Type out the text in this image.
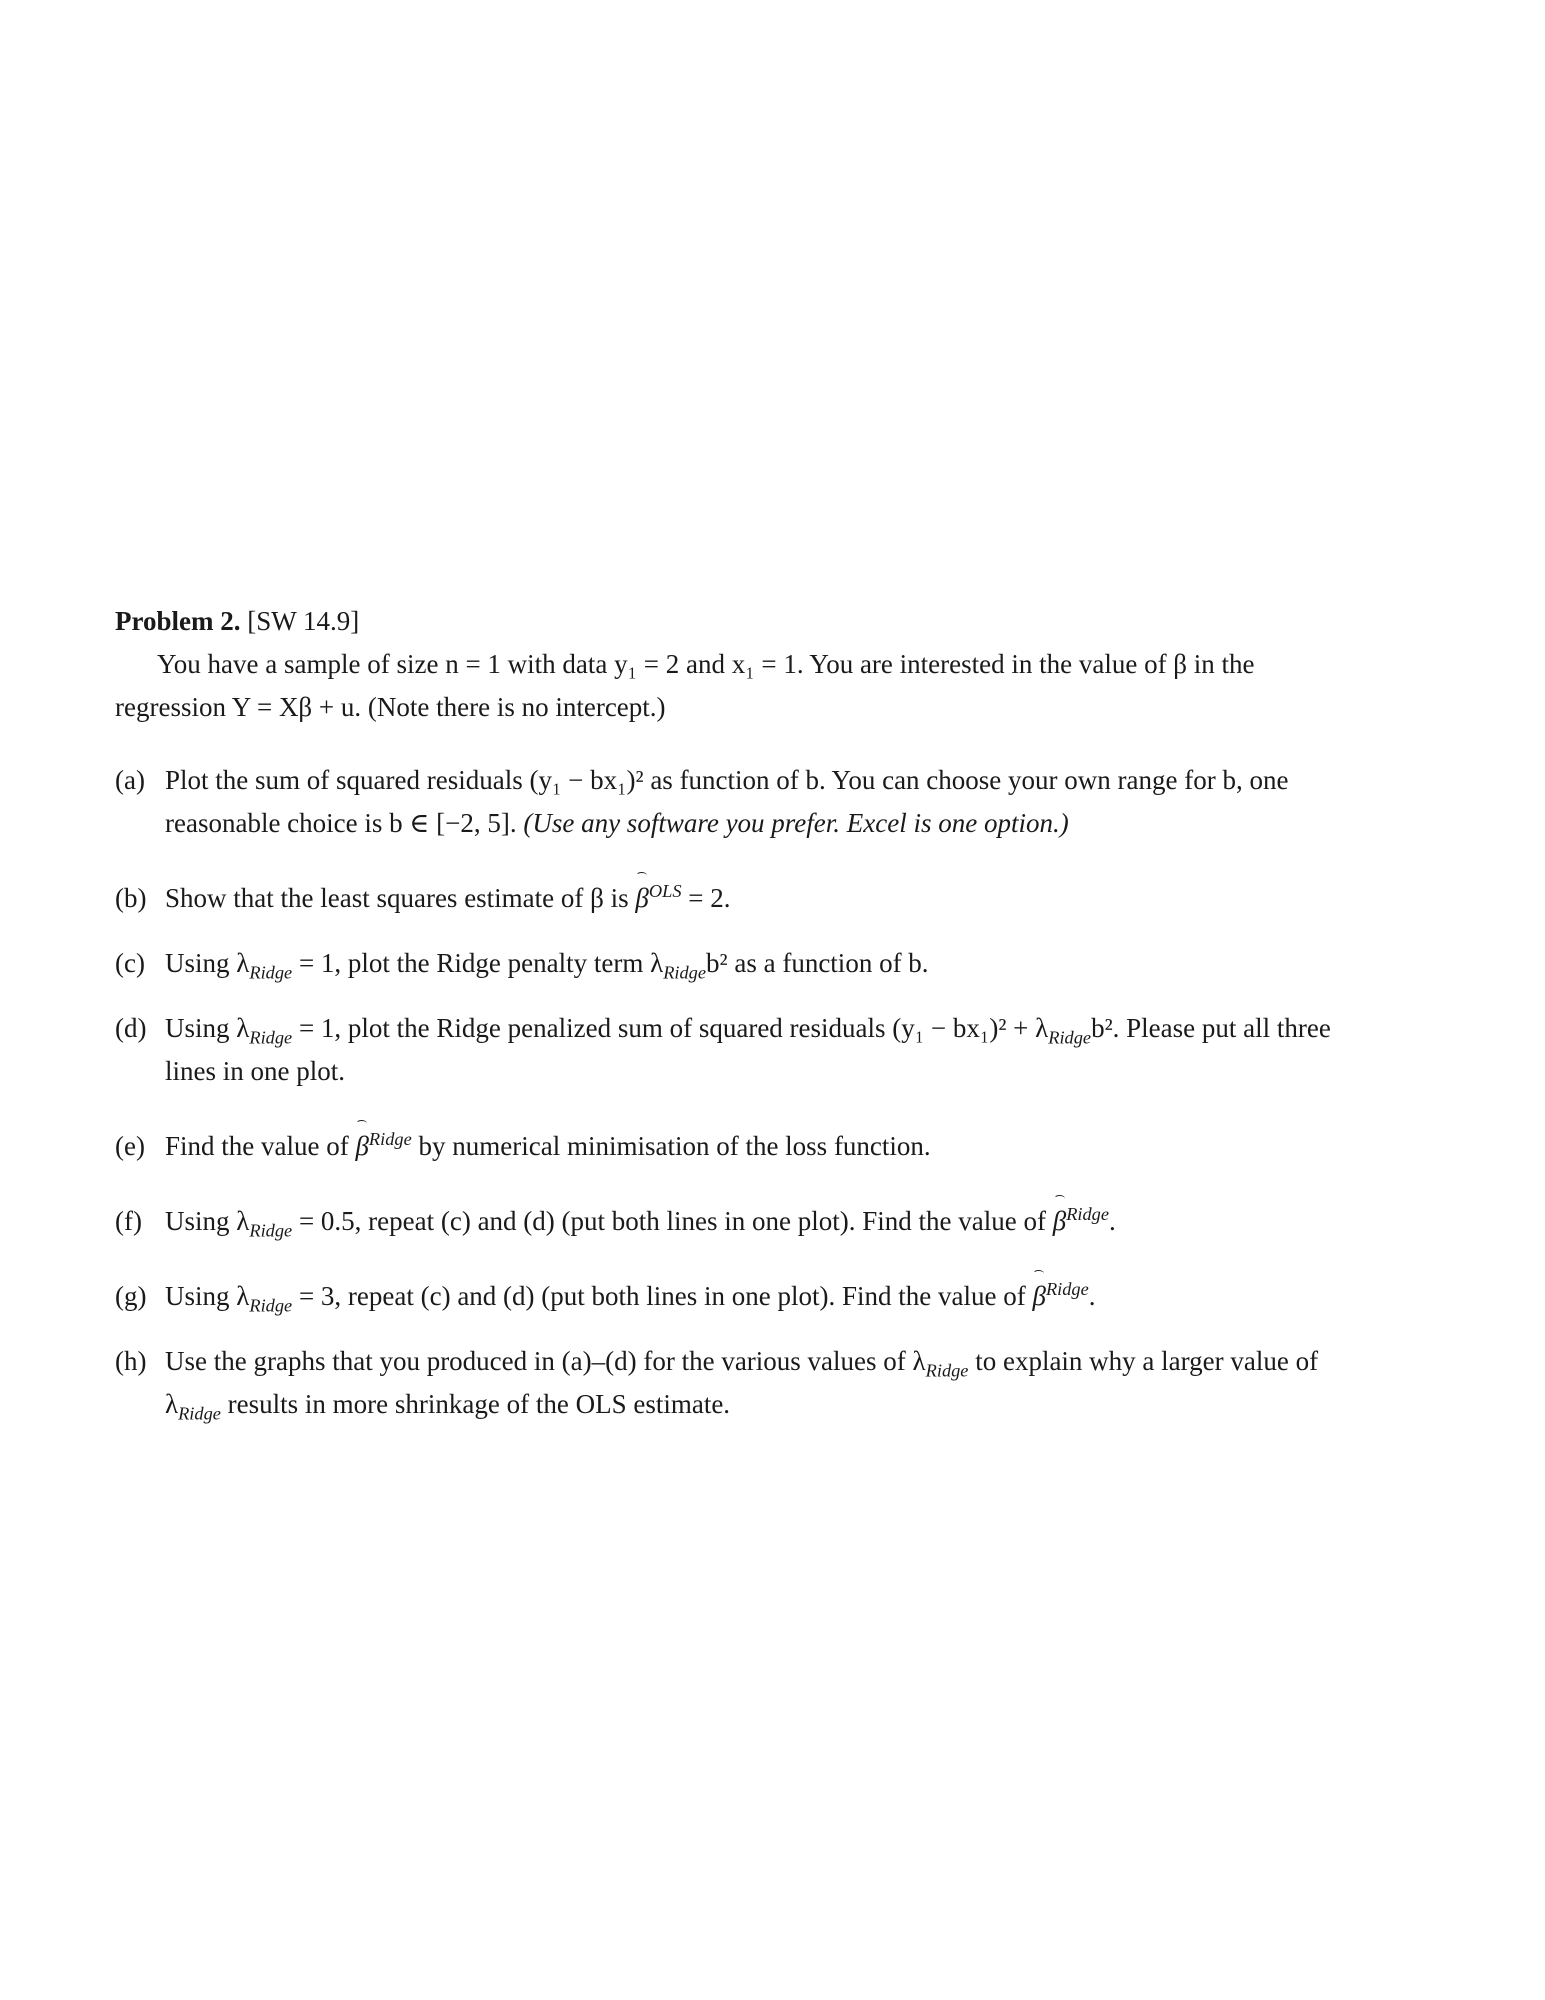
Problem 2. [SW 14.9]

You have a sample of size n = 1 with data y₁ = 2 and x₁ = 1. You are interested in the value of β in the regression Y = Xβ + u. (Note there is no intercept.)

(a) Plot the sum of squared residuals (y₁ − bx₁)² as function of b. You can choose your own range for b, one reasonable choice is b ∈ [−2, 5]. (Use any software you prefer. Excel is one option.)
(b) Show that the least squares estimate of β is $\beta^{OLS} = 2$.
(c) Using $\lambda_{Ridge} = 1$, plot the Ridge penalty term $\lambda_{Ridge}b^2$ as a function of b.
(d) Using $\lambda_{Ridge} = 1$, plot the Ridge penalized sum of squared residuals $(y_1 - bx_1)^2 + \lambda_{Ridge}b^2$. Please put all three lines in one plot.
(e) Find the value of $\beta^{Ridge}$ by numerical minimisation of the loss function.
(f) Using $\lambda_{Ridge} = 0.5$, repeat (c) and (d) (put both lines in one plot). Find the value of $\beta^{Ridge}$.
(g) Using $\lambda_{Ridge} = 3$, repeat (c) and (d) (put both lines in one plot). Find the value of $\beta^{Ridge}$.
(h) Use the graphs that you produced in (a)–(d) for the various values of $\lambda_{Ridge}$ to explain why a larger value of $\lambda_{Ridge}$ results in more shrinkage of the OLS estimate.
